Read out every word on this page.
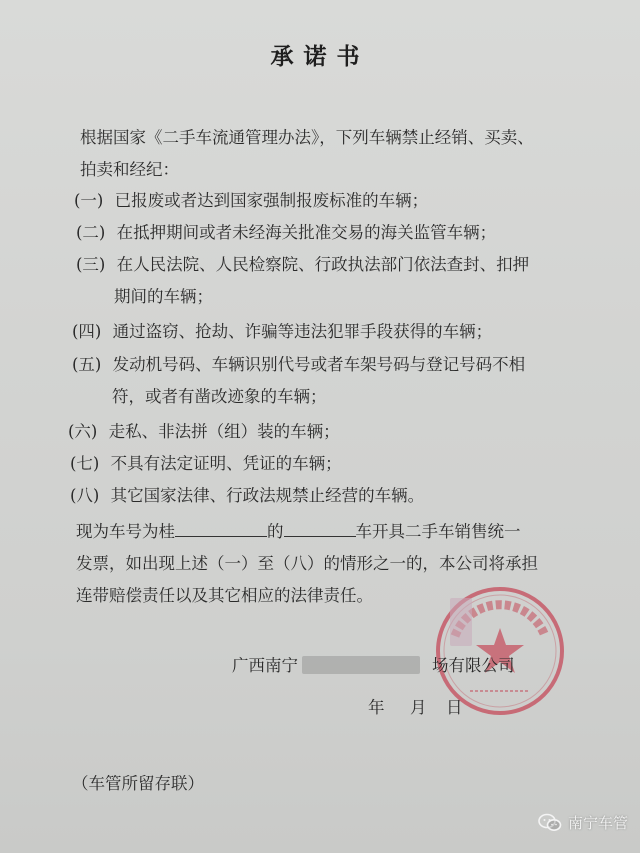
承诺书
根据国家《二手车流通管理办法》，下列车辆禁止经销、买卖、
拍卖和经纪：
(一) 已报废或者达到国家强制报废标准的车辆；
(二) 在抵押期间或者未经海关批准交易的海关监管车辆；
(三) 在人民法院、人民检察院、行政执法部门依法查封、扣押
期间的车辆；
(四) 通过盗窃、抢劫、诈骗等违法犯罪手段获得的车辆；
(五) 发动机号码、车辆识别代号或者车架号码与登记号码不相
符，或者有凿改迹象的车辆；
(六) 走私、非法拼（组）装的车辆；
(七) 不具有法定证明、凭证的车辆；
(八) 其它国家法律、行政法规禁止经营的车辆。
现为车号为桂	的	车开具二手车销售统一
发票，如出现上述（一）至（八）的情形之一的，本公司将承担
连带赔偿责任以及其它相应的法律责任。
广西南宁	场有限公司
年 月 日
（车管所留存联）
南宁车管
